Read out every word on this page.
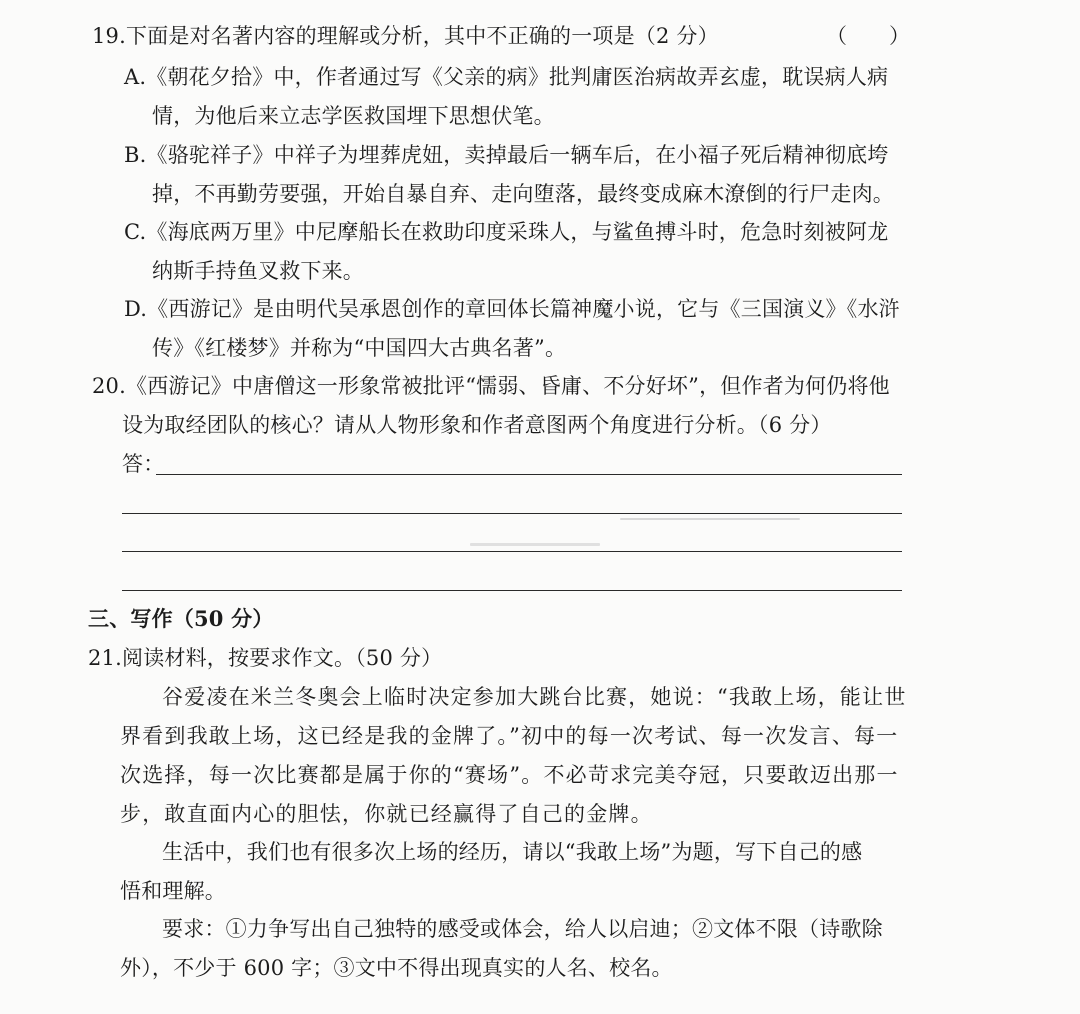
19.下面是对名著内容的理解或分析，其中不正确的一项是（2 分）	（　　）
A.《朝花夕拾》中，作者通过写《父亲的病》批判庸医治病故弄玄虚，耽误病人病
情，为他后来立志学医救国埋下思想伏笔。
B.《骆驼祥子》中祥子为埋葬虎妞，卖掉最后一辆车后，在小福子死后精神彻底垮
掉，不再勤劳要强，开始自暴自弃、走向堕落，最终变成麻木潦倒的行尸走肉。
C.《海底两万里》中尼摩船长在救助印度采珠人，与鲨鱼搏斗时，危急时刻被阿龙
纳斯手持鱼叉救下来。
D.《西游记》是由明代吴承恩创作的章回体长篇神魔小说，它与《三国演义》《水浒
传》《红楼梦》并称为“中国四大古典名著”。
20.《西游记》中唐僧这一形象常被批评“懦弱、昏庸、不分好坏”，但作者为何仍将他
设为取经团队的核心？请从人物形象和作者意图两个角度进行分析。（6 分）
答：
三、写作（50 分）
21.阅读材料，按要求作文。（50 分）
谷爱凌在米兰冬奥会上临时决定参加大跳台比赛，她说：“我敢上场，能让世
界看到我敢上场，这已经是我的金牌了。”初中的每一次考试、每一次发言、每一
次选择，每一次比赛都是属于你的“赛场”。不必苛求完美夺冠，只要敢迈出那一
步，敢直面内心的胆怯，你就已经赢得了自己的金牌。
生活中，我们也有很多次上场的经历，请以“我敢上场”为题，写下自己的感
悟和理解。
要求：①力争写出自己独特的感受或体会，给人以启迪；②文体不限（诗歌除
外），不少于 600 字；③文中不得出现真实的人名、校名。
